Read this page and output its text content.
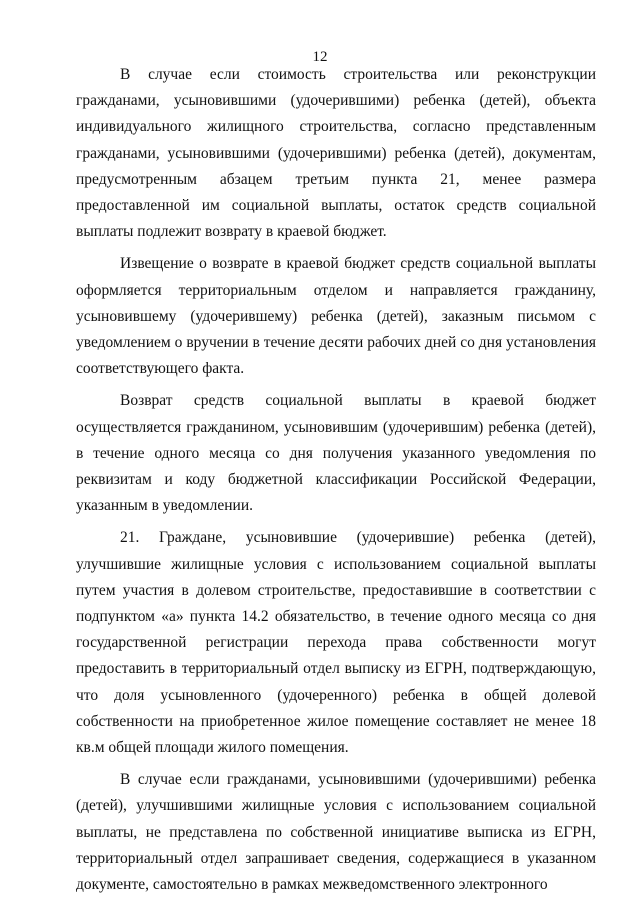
12

В случае если стоимость строительства или реконструкции гражданами, усыновившими (удочерившими) ребенка (детей), объекта индивидуального жилищного строительства, согласно представленным гражданами, усыновившими (удочерившими) ребенка (детей), документам, предусмотренным абзацем третьим пункта 21, менее размера предоставленной им социальной выплаты, остаток средств социальной выплаты подлежит возврату в краевой бюджет.

Извещение о возврате в краевой бюджет средств социальной выплаты оформляется территориальным отделом и направляется гражданину, усыновившему (удочерившему) ребенка (детей), заказным письмом с уведомлением о вручении в течение десяти рабочих дней со дня установления соответствующего факта.

Возврат средств социальной выплаты в краевой бюджет осуществляется гражданином, усыновившим (удочерившим) ребенка (детей), в течение одного месяца со дня получения указанного уведомления по реквизитам и коду бюджетной классификации Российской Федерации, указанным в уведомлении.

21. Граждане, усыновившие (удочерившие) ребенка (детей), улучшившие жилищные условия с использованием социальной выплаты путем участия в долевом строительстве, предоставившие в соответствии с подпунктом «а» пункта 14.2 обязательство, в течение одного месяца со дня государственной регистрации перехода права собственности могут предоставить в территориальный отдел выписку из ЕГРН, подтверждающую, что доля усыновленного (удочеренного) ребенка в общей долевой собственности на приобретенное жилое помещение составляет не менее 18 кв.м общей площади жилого помещения.

В случае если гражданами, усыновившими (удочерившими) ребенка (детей), улучшившими жилищные условия с использованием социальной выплаты, не представлена по собственной инициативе выписка из ЕГРН, территориальный отдел запрашивает сведения, содержащиеся в указанном документе, самостоятельно в рамках межведомственного электронного
